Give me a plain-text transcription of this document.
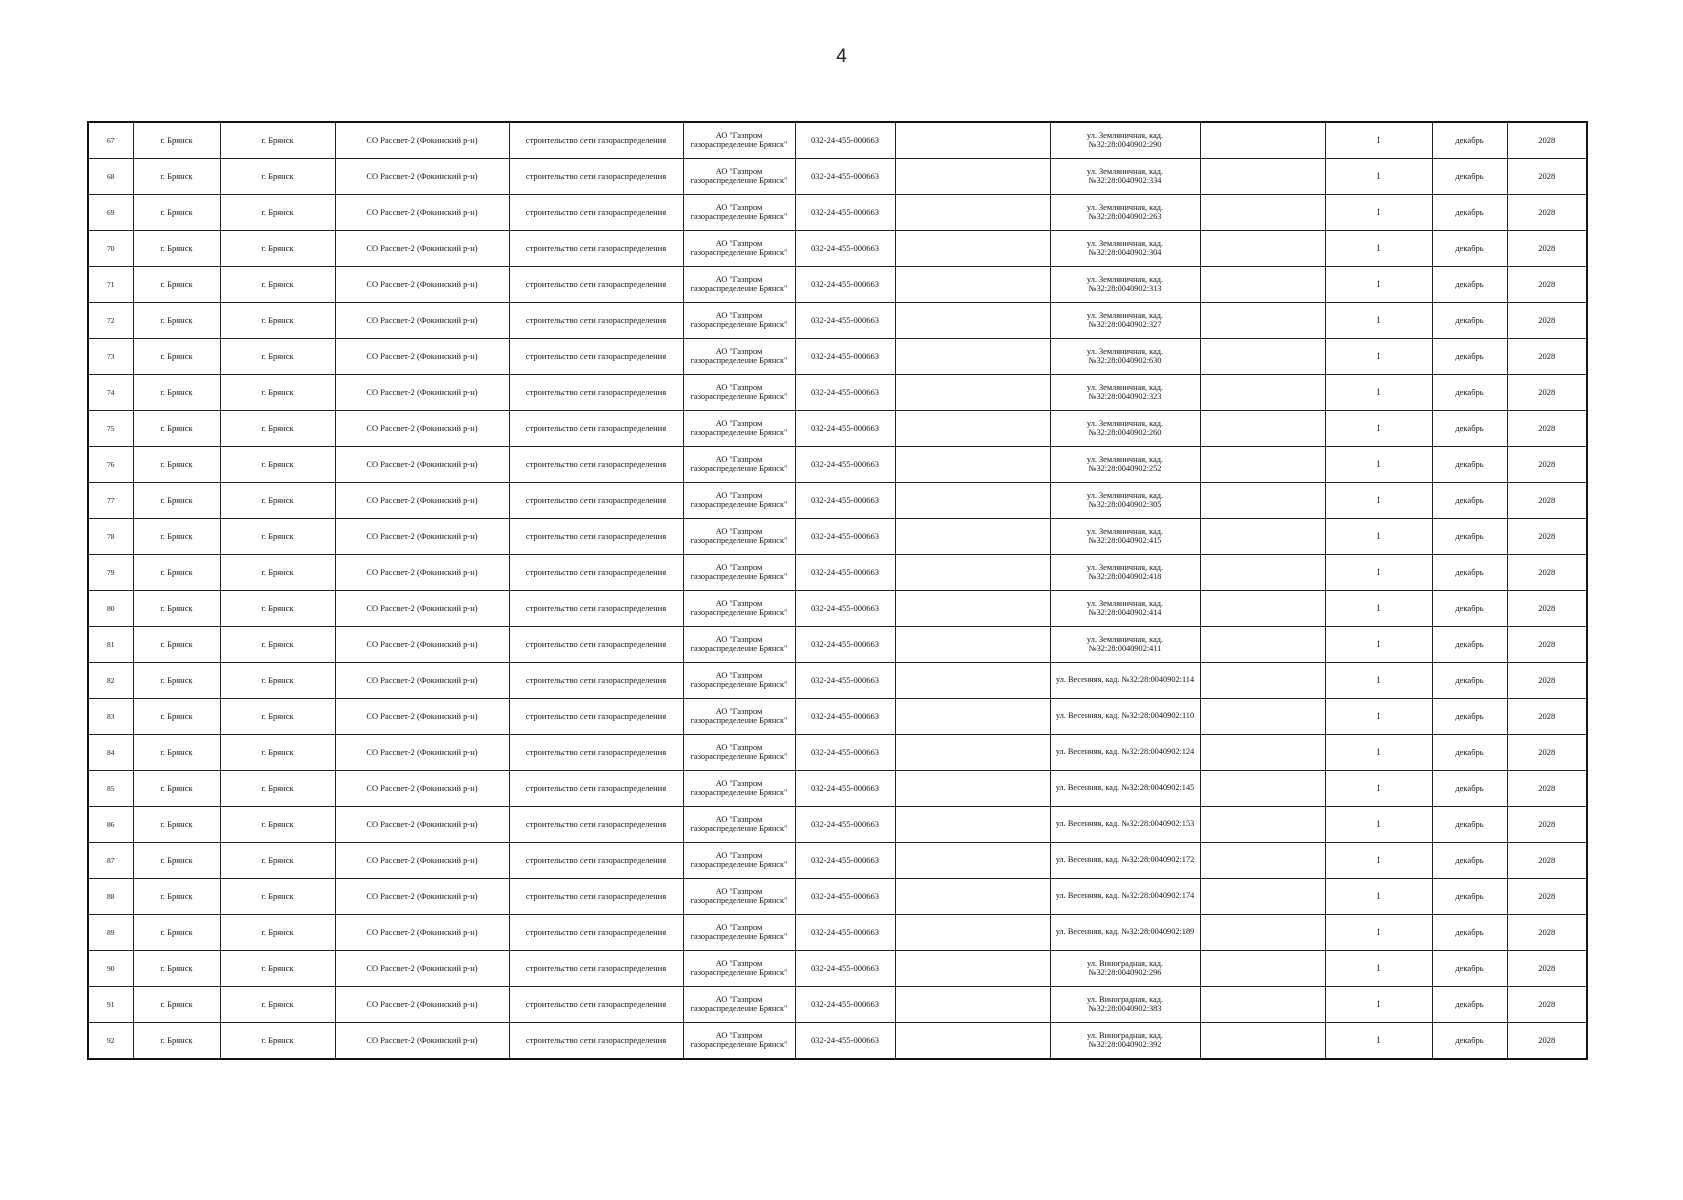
4
67	г. Брянск	г. Брянск	СО Рассвет-2 (Фокинский р-н)	строительство сети газораспределения	АО "Газпром газораспределение Брянск"	032-24-455-000663		ул. Земляничная, кад. №32:28:0040902:290		1	декабрь	2028
68	г. Брянск	г. Брянск	СО Рассвет-2 (Фокинский р-н)	строительство сети газораспределения	АО "Газпром газораспределение Брянск"	032-24-455-000663		ул. Земляничная, кад. №32:28:0040902:334		1	декабрь	2028
69	г. Брянск	г. Брянск	СО Рассвет-2 (Фокинский р-н)	строительство сети газораспределения	АО "Газпром газораспределение Брянск"	032-24-455-000663		ул. Земляничная, кад. №32:28:0040902:263		1	декабрь	2028
70	г. Брянск	г. Брянск	СО Рассвет-2 (Фокинский р-н)	строительство сети газораспределения	АО "Газпром газораспределение Брянск"	032-24-455-000663		ул. Земляничная, кад. №32:28:0040902:304		1	декабрь	2028
71	г. Брянск	г. Брянск	СО Рассвет-2 (Фокинский р-н)	строительство сети газораспределения	АО "Газпром газораспределение Брянск"	032-24-455-000663		ул. Земляничная, кад. №32:28:0040902:313		1	декабрь	2028
72	г. Брянск	г. Брянск	СО Рассвет-2 (Фокинский р-н)	строительство сети газораспределения	АО "Газпром газораспределение Брянск"	032-24-455-000663		ул. Земляничная, кад. №32:28:0040902:327		1	декабрь	2028
73	г. Брянск	г. Брянск	СО Рассвет-2 (Фокинский р-н)	строительство сети газораспределения	АО "Газпром газораспределение Брянск"	032-24-455-000663		ул. Земляничная, кад. №32:28:0040902:630		1	декабрь	2028
74	г. Брянск	г. Брянск	СО Рассвет-2 (Фокинский р-н)	строительство сети газораспределения	АО "Газпром газораспределение Брянск"	032-24-455-000663		ул. Земляничная, кад. №32:28:0040902:323		1	декабрь	2028
75	г. Брянск	г. Брянск	СО Рассвет-2 (Фокинский р-н)	строительство сети газораспределения	АО "Газпром газораспределение Брянск"	032-24-455-000663		ул. Земляничная, кад. №32:28:0040902:260		1	декабрь	2028
76	г. Брянск	г. Брянск	СО Рассвет-2 (Фокинский р-н)	строительство сети газораспределения	АО "Газпром газораспределение Брянск"	032-24-455-000663		ул. Земляничная, кад. №32:28:0040902:252		1	декабрь	2028
77	г. Брянск	г. Брянск	СО Рассвет-2 (Фокинский р-н)	строительство сети газораспределения	АО "Газпром газораспределение Брянск"	032-24-455-000663		ул. Земляничная, кад. №32:28:0040902:305		1	декабрь	2028
78	г. Брянск	г. Брянск	СО Рассвет-2 (Фокинский р-н)	строительство сети газораспределения	АО "Газпром газораспределение Брянск"	032-24-455-000663		ул. Земляничная, кад. №32:28:0040902:415		1	декабрь	2028
79	г. Брянск	г. Брянск	СО Рассвет-2 (Фокинский р-н)	строительство сети газораспределения	АО "Газпром газораспределение Брянск"	032-24-455-000663		ул. Земляничная, кад. №32:28:0040902:418		1	декабрь	2028
80	г. Брянск	г. Брянск	СО Рассвет-2 (Фокинский р-н)	строительство сети газораспределения	АО "Газпром газораспределение Брянск"	032-24-455-000663		ул. Земляничная, кад. №32:28:0040902:414		1	декабрь	2028
81	г. Брянск	г. Брянск	СО Рассвет-2 (Фокинский р-н)	строительство сети газораспределения	АО "Газпром газораспределение Брянск"	032-24-455-000663		ул. Земляничная, кад. №32:28:0040902:411		1	декабрь	2028
82	г. Брянск	г. Брянск	СО Рассвет-2 (Фокинский р-н)	строительство сети газораспределения	АО "Газпром газораспределение Брянск"	032-24-455-000663		ул. Весенняя, кад. №32:28:0040902:114		1	декабрь	2028
83	г. Брянск	г. Брянск	СО Рассвет-2 (Фокинский р-н)	строительство сети газораспределения	АО "Газпром газораспределение Брянск"	032-24-455-000663		ул. Весенняя, кад. №32:28:0040902:110		1	декабрь	2028
84	г. Брянск	г. Брянск	СО Рассвет-2 (Фокинский р-н)	строительство сети газораспределения	АО "Газпром газораспределение Брянск"	032-24-455-000663		ул. Весенняя, кад. №32:28:0040902:124		1	декабрь	2028
85	г. Брянск	г. Брянск	СО Рассвет-2 (Фокинский р-н)	строительство сети газораспределения	АО "Газпром газораспределение Брянск"	032-24-455-000663		ул. Весенняя, кад. №32:28:0040902:145		1	декабрь	2028
86	г. Брянск	г. Брянск	СО Рассвет-2 (Фокинский р-н)	строительство сети газораспределения	АО "Газпром газораспределение Брянск"	032-24-455-000663		ул. Весенняя, кад. №32:28:0040902:153		1	декабрь	2028
87	г. Брянск	г. Брянск	СО Рассвет-2 (Фокинский р-н)	строительство сети газораспределения	АО "Газпром газораспределение Брянск"	032-24-455-000663		ул. Весенняя, кад. №32:28:0040902:172		1	декабрь	2028
88	г. Брянск	г. Брянск	СО Рассвет-2 (Фокинский р-н)	строительство сети газораспределения	АО "Газпром газораспределение Брянск"	032-24-455-000663		ул. Весенняя, кад. №32:28:0040902:174		1	декабрь	2028
89	г. Брянск	г. Брянск	СО Рассвет-2 (Фокинский р-н)	строительство сети газораспределения	АО "Газпром газораспределение Брянск"	032-24-455-000663		ул. Весенняя, кад. №32:28:0040902:189		1	декабрь	2028
90	г. Брянск	г. Брянск	СО Рассвет-2 (Фокинский р-н)	строительство сети газораспределения	АО "Газпром газораспределение Брянск"	032-24-455-000663		ул. Виноградная, кад. №32:28:0040902:296		1	декабрь	2028
91	г. Брянск	г. Брянск	СО Рассвет-2 (Фокинский р-н)	строительство сети газораспределения	АО "Газпром газораспределение Брянск"	032-24-455-000663		ул. Виноградная, кад. №32:28:0040902:383		1	декабрь	2028
92	г. Брянск	г. Брянск	СО Рассвет-2 (Фокинский р-н)	строительство сети газораспределения	АО "Газпром газораспределение Брянск"	032-24-455-000663		ул. Виноградная, кад. №32:28:0040902:392		1	декабрь	2028
